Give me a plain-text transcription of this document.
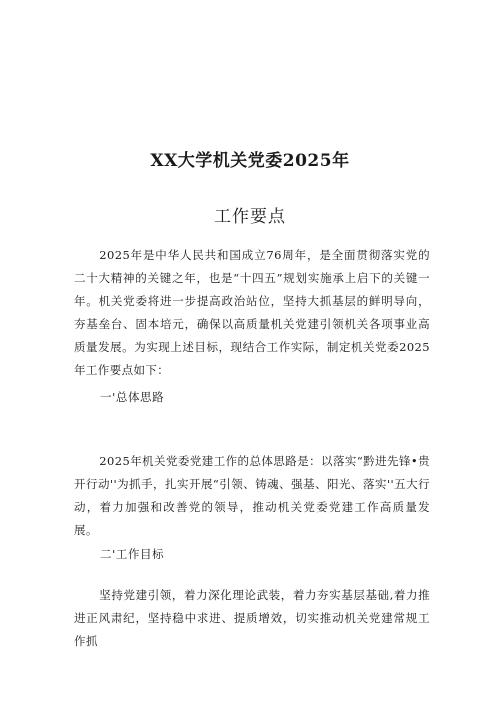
XX大学机关党委2025年
工作要点

2025年是中华人民共和国成立76周年，是全面贯彻落实党的二十大精神的关键之年，也是“十四五”规划实施承上启下的关键一年。机关党委将进一步提高政治站位，坚持大抓基层的鲜明导向，夯基垒台、固本培元，确保以高质量机关党建引领机关各项事业高质量发展。为实现上述目标，现结合工作实际，制定机关党委2025年工作要点如下：

一'总体思路

2025年机关党委党建工作的总体思路是：以落实“黔进先锋•贵开行动''为抓手，扎实开展“引领、铸魂、强基、阳光、落实''五大行动，着力加强和改善党的领导，推动机关党委党建工作高质量发展。

二'工作目标

坚持党建引领，着力深化理论武装，着力夯实基层基础,着力推进正风肃纪，坚持稳中求进、提质增效，切实推动机关党建常规工作抓
